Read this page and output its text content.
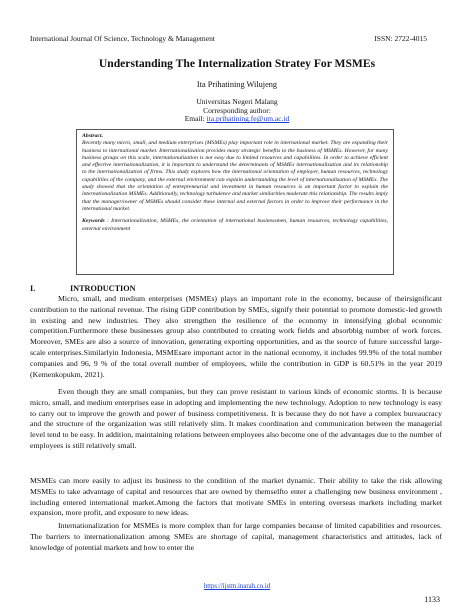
International Journal Of Science, Technology & Management	ISSN: 2722-4015
Understanding The Internalization Stratey For MSMEs
Ita Prihatining Wilujeng
Universitas Negeri Malang
Corresponding author:
Email: ita.prihatining.fe@um.ac.id
Abstract.
Recently many micro, small, and medium enterprises (MSMEs) play important role in international market. They are expanding their business to international market. Internationalization provides many strategic benefits to the business of MSMEs. However, for many business groups on this scale, internationalization is not easy due to limited resources and capabilities. In order to achieve efficient and effective internationalization, it is important to understand the determinants of MSMEs internationalization and its relationship to the internationalization of firms. This study explores how the international orientation of employer, human resources, technology capabilities of the company, and the external environment can explain understanding the level of internationalization of MSMEs. The study showed that the orientation of entrepreneurial and investment in human resources is an important factor to explain the internationalization MSMEs. Additionally, technology turbulence and market similarities moderate this relationship. The results imply that the manager/owner of MSMEs should consider these internal and external factors in order to improve their performance in the international market.
Keywords : Internationalization, MSMEs, the orientation of international businessmen, human resources, technology capabilities, external environment
I.	INTRODUCTION

Micro, small, and medium enterprises (MSMEs) plays an important role in the economy, because of theirsignificant contribution to the national revenue. The rising GDP contribution by SMEs, signify their potential to promote domestic-led growth in existing and new industries. They also strengthen the resilience of the economy in intensifying global economic competition.Furthermore these businesses group also contributed to creating work fields and absorbbig number of work forces. Moreover, SMEs are also a source of innovation, generating exporting opportunities, and as the source of future successful large-scale enterprises.Similarlyin Indonesia, MSMEsare important actor in the national economy, it includes 99.9% of the total number companies and 96, 9 % of the total overall number of employees, while the contribution in GDP is 60.51% in the year 2019 (Kemenkopukm, 2021).

Even though they are small companies, but they can prove resistant to various kinds of economic storms. It is because micro, small, and medium enterprises ease in adopting and implementing the new technology. Adoption to new technology is easy to carry out to improve the growth and power of business competitiveness. It is because they do not have a complex bureaucracy and the structure of the organization was still relatively slim. It makes coordination and communication between the managerial level tend to be easy. In addition, maintaining relations between employees also become one of the advantages due to the number of employees is still relatively small.

MSMEs can more easily to adjust its business to the condition of the market dynamic. Their ability to take the risk allowing MSMEs to take advantage of capital and resources that are owned by themselfto enter a challenging new business environment , including entered international market.Among the factors that motivate SMEs in entering overseas markets including market expansion, more profit, and exposure to new ideas.

Internationalization for MSMEs is more complex than for large companies because of limited capabilities and resources. The barriers to internationalization among SMEs are shortage of capital, management characteristics and attitudes, lack of knowledge of potential markets and how to enter the

https://ijstm.inarah.co.id
1133
